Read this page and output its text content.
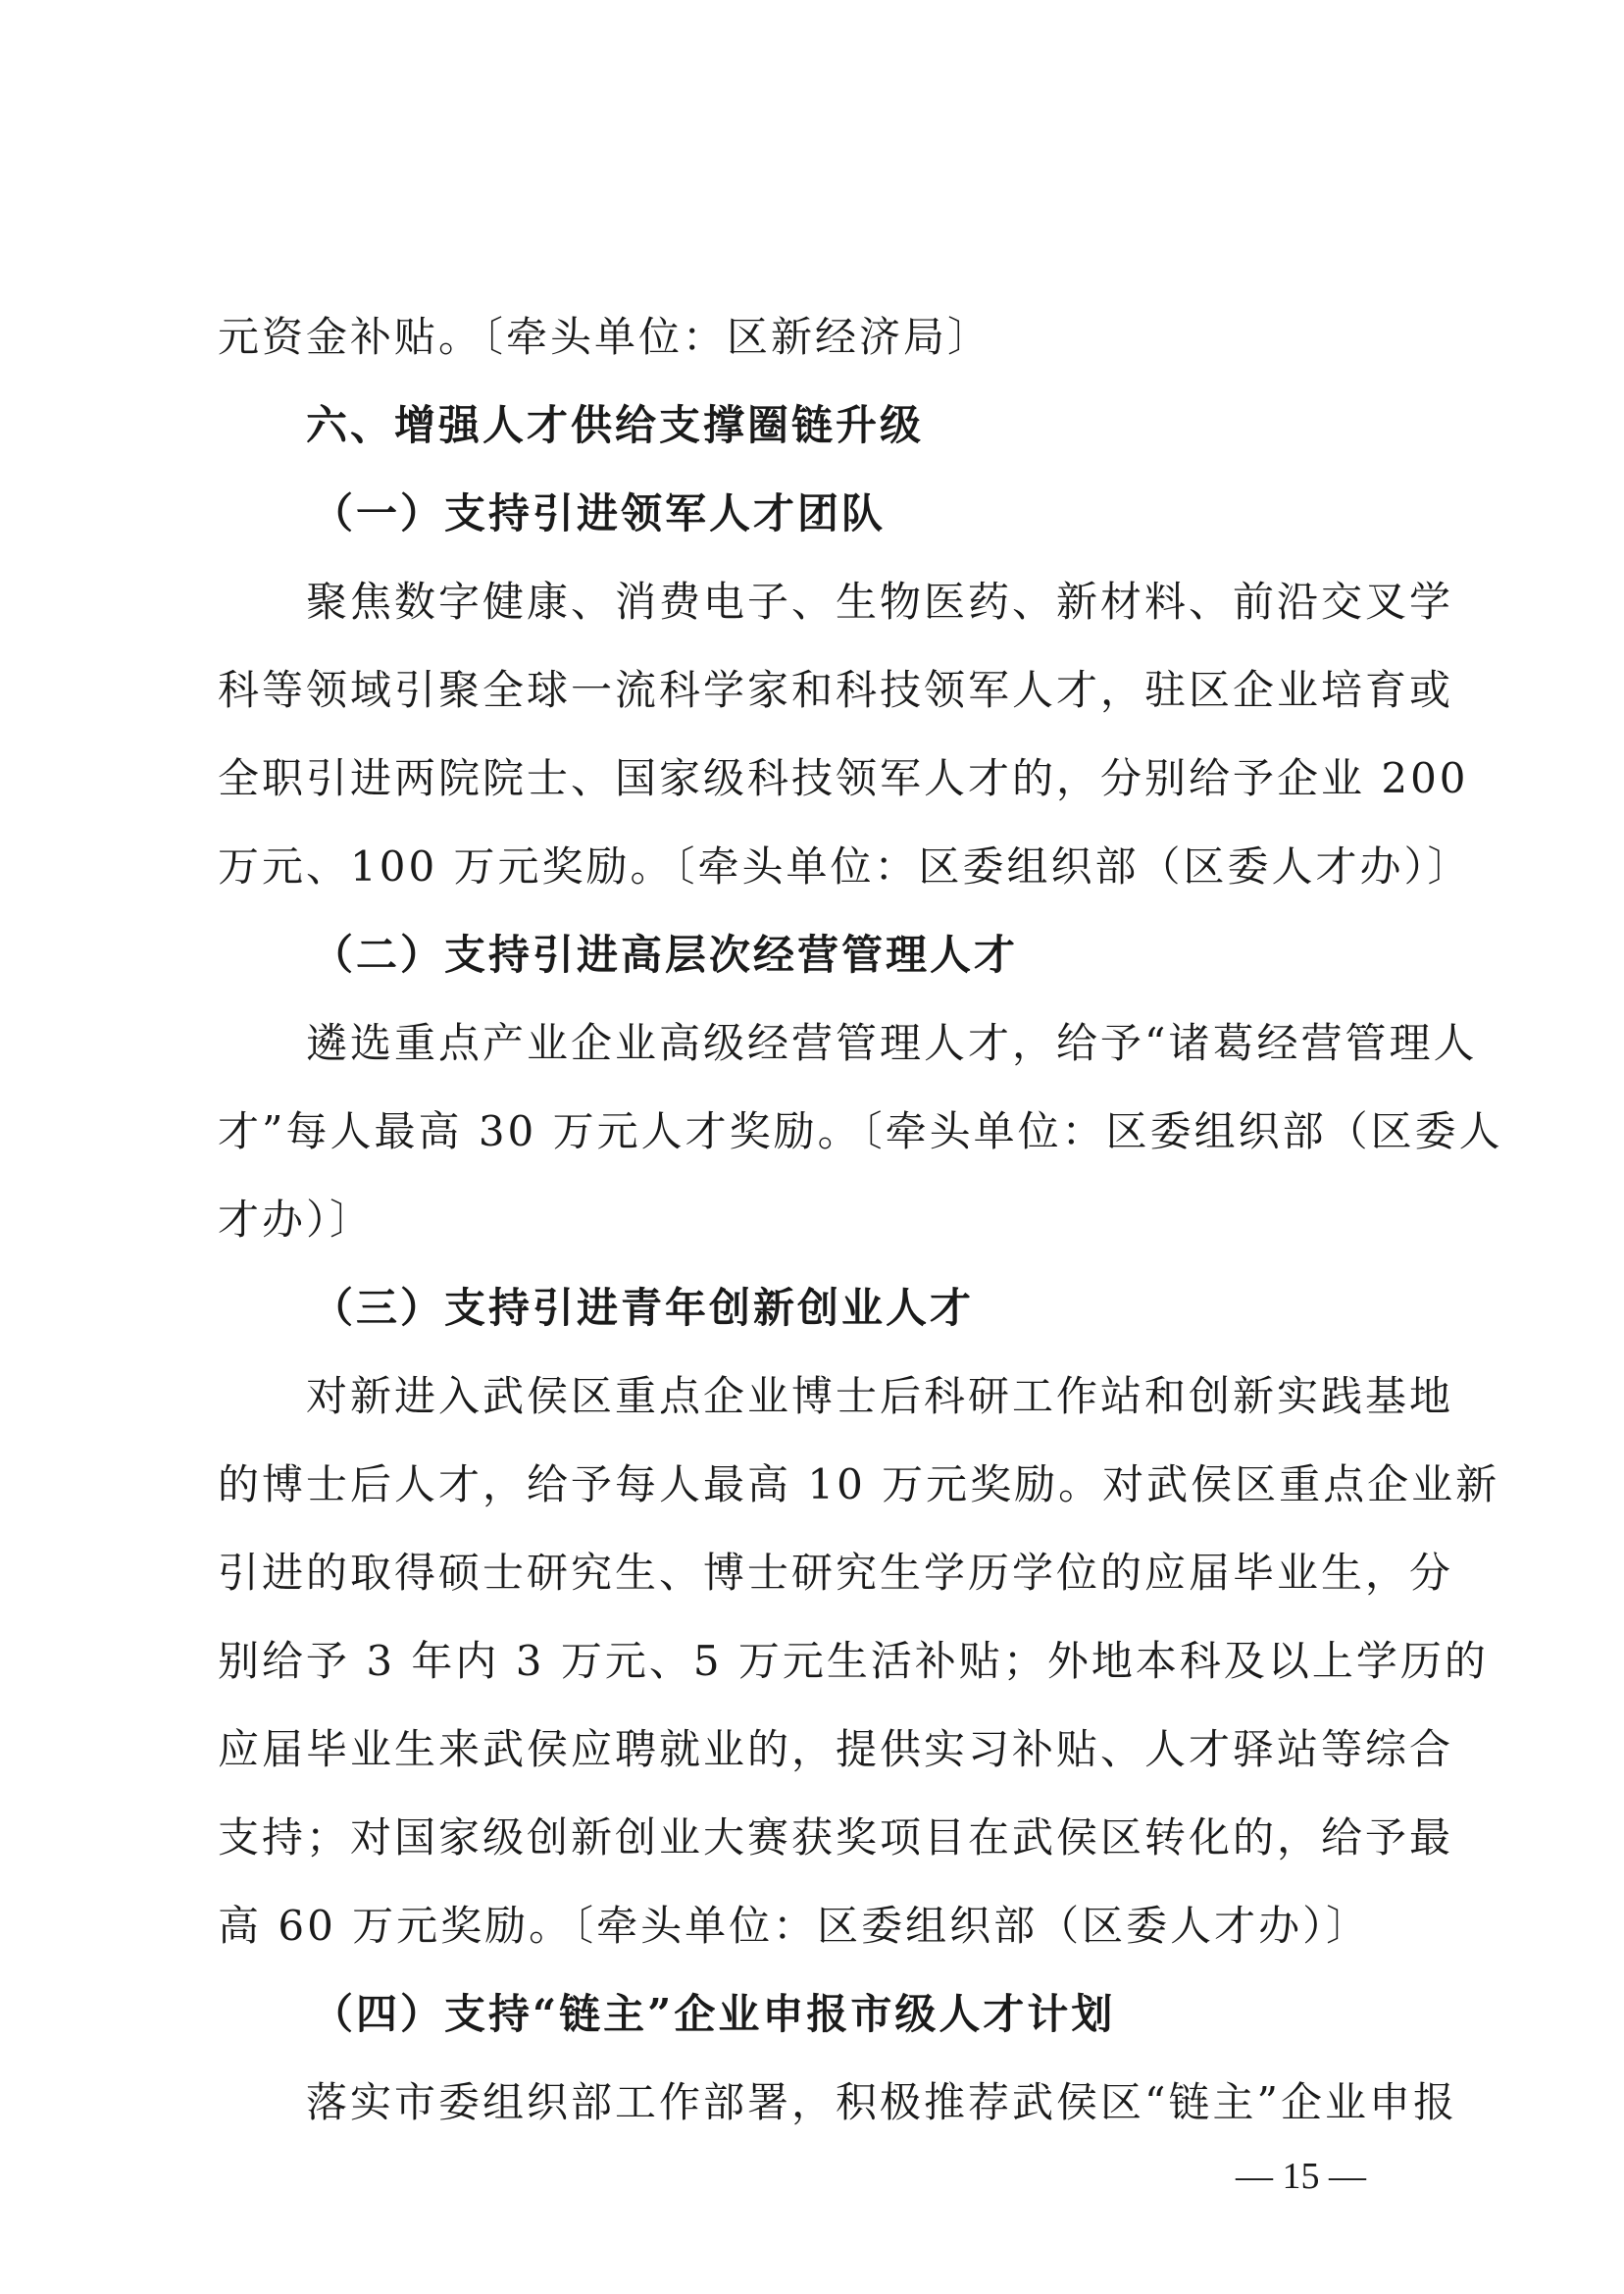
元资金补贴。〔牵头单位：区新经济局〕
六、增强人才供给支撑圈链升级
（一）支持引进领军人才团队
聚焦数字健康、消费电子、生物医药、新材料、前沿交叉学
科等领域引聚全球一流科学家和科技领军人才，驻区企业培育或
全职引进两院院士、国家级科技领军人才的，分别给予企业 200
万元、100 万元奖励。〔牵头单位：区委组织部（区委人才办）〕
（二）支持引进高层次经营管理人才
遴选重点产业企业高级经营管理人才，给予“诸葛经营管理人
才”每人最高 30 万元人才奖励。〔牵头单位：区委组织部（区委人
才办）〕
（三）支持引进青年创新创业人才
对新进入武侯区重点企业博士后科研工作站和创新实践基地
的博士后人才，给予每人最高 10 万元奖励。对武侯区重点企业新
引进的取得硕士研究生、博士研究生学历学位的应届毕业生，分
别给予 3 年内 3 万元、5 万元生活补贴；外地本科及以上学历的
应届毕业生来武侯应聘就业的，提供实习补贴、人才驿站等综合
支持；对国家级创新创业大赛获奖项目在武侯区转化的，给予最
高 60 万元奖励。〔牵头单位：区委组织部（区委人才办）〕
（四）支持“链主”企业申报市级人才计划
落实市委组织部工作部署，积极推荐武侯区“链主”企业申报
— 15 —
